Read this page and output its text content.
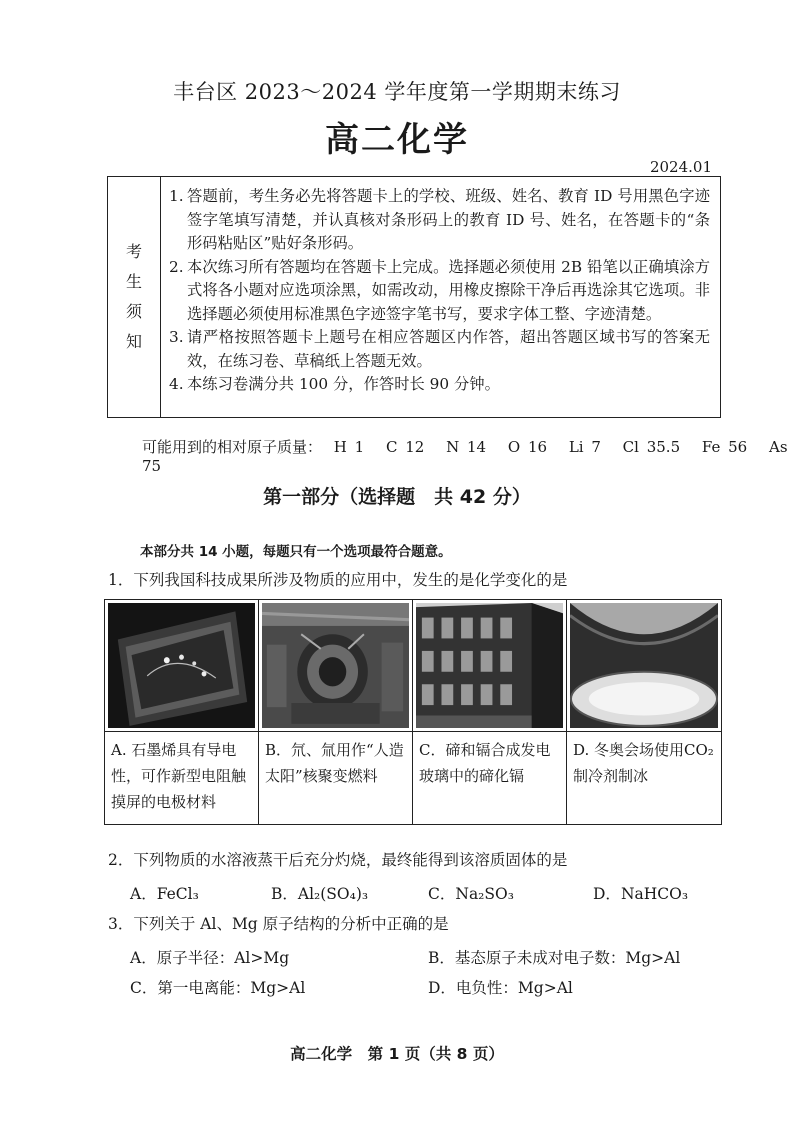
丰台区 2023～2024 学年度第一学期期末练习
高二化学
2024.01
考
生
须
知
1. 答题前，考生务必先将答题卡上的学校、班级、姓名、教育 ID 号用黑色字迹签字笔填写清楚，并认真核对条形码上的教育 ID 号、姓名，在答题卡的“条形码粘贴区”贴好条形码。
2. 本次练习所有答题均在答题卡上完成。选择题必须使用 2B 铅笔以正确填涂方式将各小题对应选项涂黑，如需改动，用橡皮擦除干净后再选涂其它选项。非选择题必须使用标准黑色字迹签字笔书写，要求字体工整、字迹清楚。
3. 请严格按照答题卡上题号在相应答题区内作答，超出答题区域书写的答案无效，在练习卷、草稿纸上答题无效。
4. 本练习卷满分共 100 分，作答时长 90 分钟。
可能用到的相对原子质量： H 1 C 12 N 14 O 16 Li 7 Cl 35.5 Fe 56 As 75
第一部分（选择题　共 42 分）
本部分共 14 小题，每题只有一个选项最符合题意。
1．下列我国科技成果所涉及物质的应用中，发生的是化学变化的是
A. 石墨烯具有导电性，可作新型电阻触摸屏的电极材料
B．氘、氚用作“人造太阳”核聚变燃料
C．碲和镉合成发电玻璃中的碲化镉
D. 冬奥会场使用CO₂制冷剂制冰
2．下列物质的水溶液蒸干后充分灼烧，最终能得到该溶质固体的是
A．FeCl₃	B．Al₂(SO₄)₃	C．Na₂SO₃	D．NaHCO₃
3．下列关于 Al、Mg 原子结构的分析中正确的是
A．原子半径：Al>Mg	B．基态原子未成对电子数：Mg>Al
C．第一电离能：Mg>Al	D．电负性：Mg>Al
高二化学　第 1 页（共 8 页）
